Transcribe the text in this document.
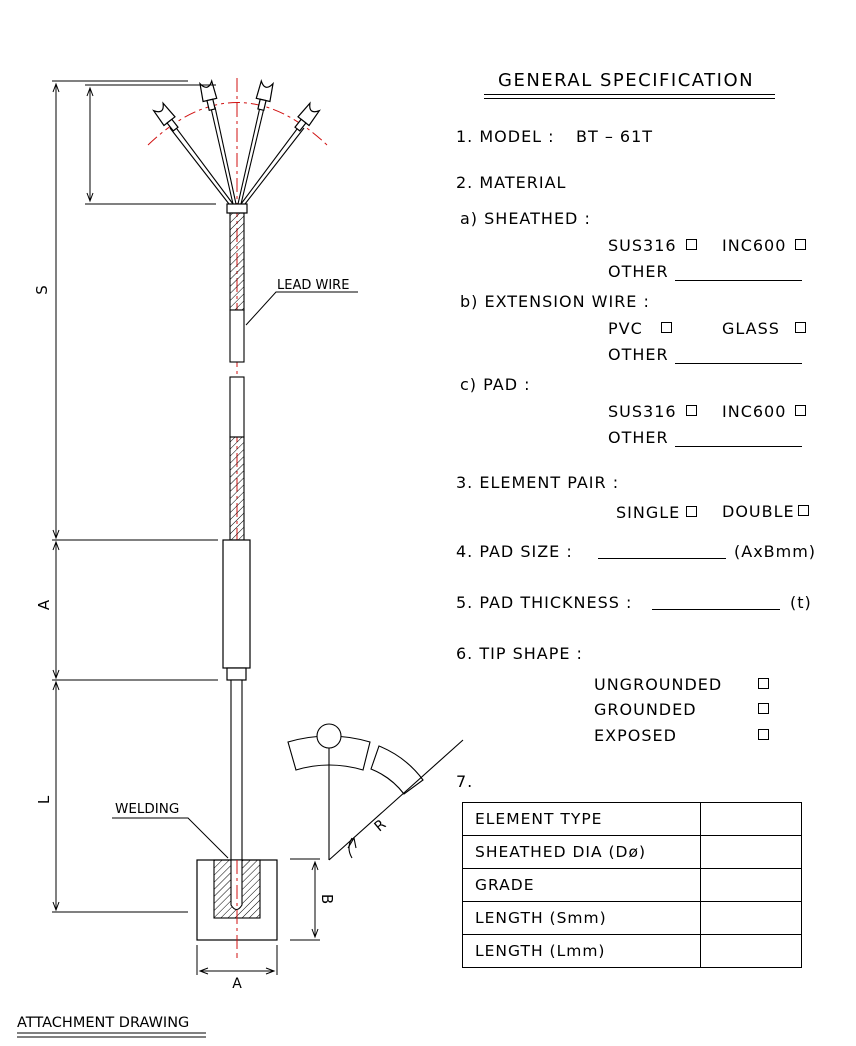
S
A
L
B
A
R
LEAD WIRE
WELDING
ATTACHMENT DRAWING
GENERAL SPECIFICATION
1. MODEL : BT – 61T
2. MATERIAL
a) SHEATHED :
SUS316	INC600
OTHER
b) EXTENSION WIRE :
PVC	GLASS
OTHER
c) PAD :
SUS316	INC600
OTHER
3. ELEMENT PAIR :
SINGLE	DOUBLE
4. PAD SIZE :	(AxBmm)
5. PAD THICKNESS :	(t)
6. TIP SHAPE :
UNGROUNDED
GROUNDED
EXPOSED
7.
ELEMENT TYPE	
SHEATHED DIA (Dø)	
GRADE	
LENGTH (Smm)	
LENGTH (Lmm)	
